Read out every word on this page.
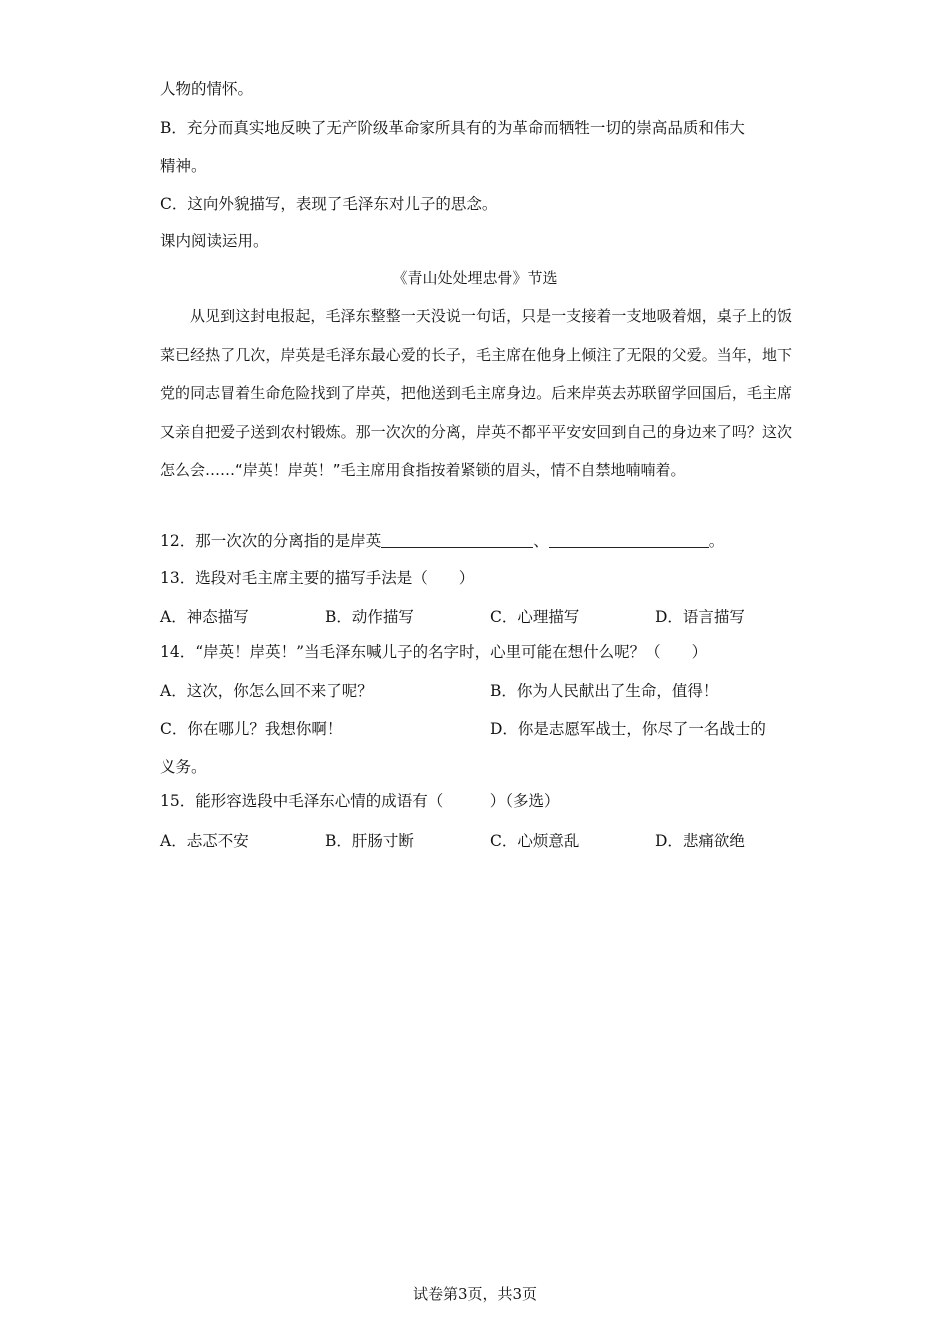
人物的情怀。
B．充分而真实地反映了无产阶级革命家所具有的为革命而牺牲一切的崇高品质和伟大
精神。
C．这向外貌描写，表现了毛泽东对儿子的思念。
课内阅读运用。
《青山处处埋忠骨》节选

从见到这封电报起，毛泽东整整一天没说一句话，只是一支接着一支地吸着烟，桌子上的饭菜已经热了几次，岸英是毛泽东最心爱的长子，毛主席在他身上倾注了无限的父爱。当年，地下党的同志冒着生命危险找到了岸英，把他送到毛主席身边。后来岸英去苏联留学回国后，毛主席又亲自把爱子送到农村锻炼。那一次次的分离，岸英不都平平安安回到自己的身边来了吗？这次怎么会……“岸英！岸英！”毛主席用食指按着紧锁的眉头，情不自禁地喃喃着。

12．那一次次的分离指的是岸英	、	。
13．选段对毛主席主要的描写手法是（　　）
A．神态描写	B．动作描写	C．心理描写	D．语言描写
14．“岸英！岸英！”当毛泽东喊儿子的名字时，心里可能在想什么呢？（　　）
A．这次，你怎么回不来了呢？	B．你为人民献出了生命，值得！
C．你在哪儿？我想你啊！	D．你是志愿军战士，你尽了一名战士的
义务。
15．能形容选段中毛泽东心情的成语有（　　　）（多选）
A．忐忑不安	B．肝肠寸断	C．心烦意乱	D．悲痛欲绝
试卷第3页，共3页
